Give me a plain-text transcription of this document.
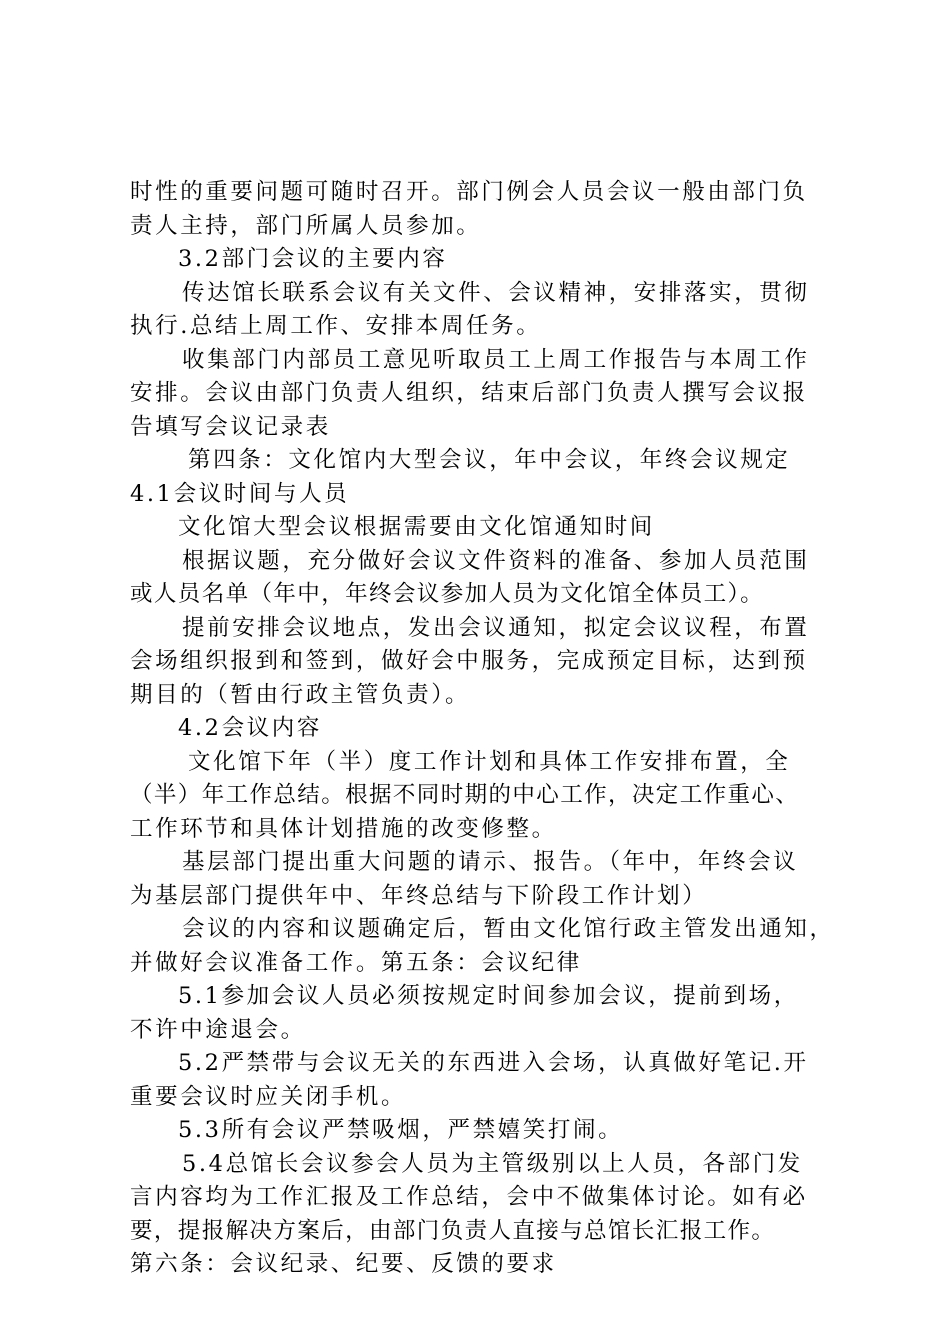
时性的重要问题可随时召开。部门例会人员会议一般由部门负
责人主持，部门所属人员参加。
3.2部门会议的主要内容
传达馆长联系会议有关文件、会议精神，安排落实，贯彻
执行.总结上周工作、安排本周任务。
收集部门内部员工意见听取员工上周工作报告与本周工作
安排。会议由部门负责人组织，结束后部门负责人撰写会议报
告填写会议记录表
第四条：文化馆内大型会议，年中会议，年终会议规定
4.1会议时间与人员
文化馆大型会议根据需要由文化馆通知时间
根据议题，充分做好会议文件资料的准备、参加人员范围
或人员名单（年中，年终会议参加人员为文化馆全体员工）。
提前安排会议地点，发出会议通知，拟定会议议程，布置
会场组织报到和签到，做好会中服务，完成预定目标，达到预
期目的（暂由行政主管负责）。
4.2会议内容
文化馆下年（半）度工作计划和具体工作安排布置，全
（半）年工作总结。根据不同时期的中心工作，决定工作重心、
工作环节和具体计划措施的改变修整。
基层部门提出重大问题的请示、报告。（年中，年终会议
为基层部门提供年中、年终总结与下阶段工作计划）
会议的内容和议题确定后，暂由文化馆行政主管发出通知，
并做好会议准备工作。第五条：会议纪律
5.1参加会议人员必须按规定时间参加会议，提前到场，
不许中途退会。
5.2严禁带与会议无关的东西进入会场，认真做好笔记.开
重要会议时应关闭手机。
5.3所有会议严禁吸烟，严禁嬉笑打闹。
5.4总馆长会议参会人员为主管级别以上人员，各部门发
言内容均为工作汇报及工作总结，会中不做集体讨论。如有必
要，提报解决方案后，由部门负责人直接与总馆长汇报工作。
第六条：会议纪录、纪要、反馈的要求
